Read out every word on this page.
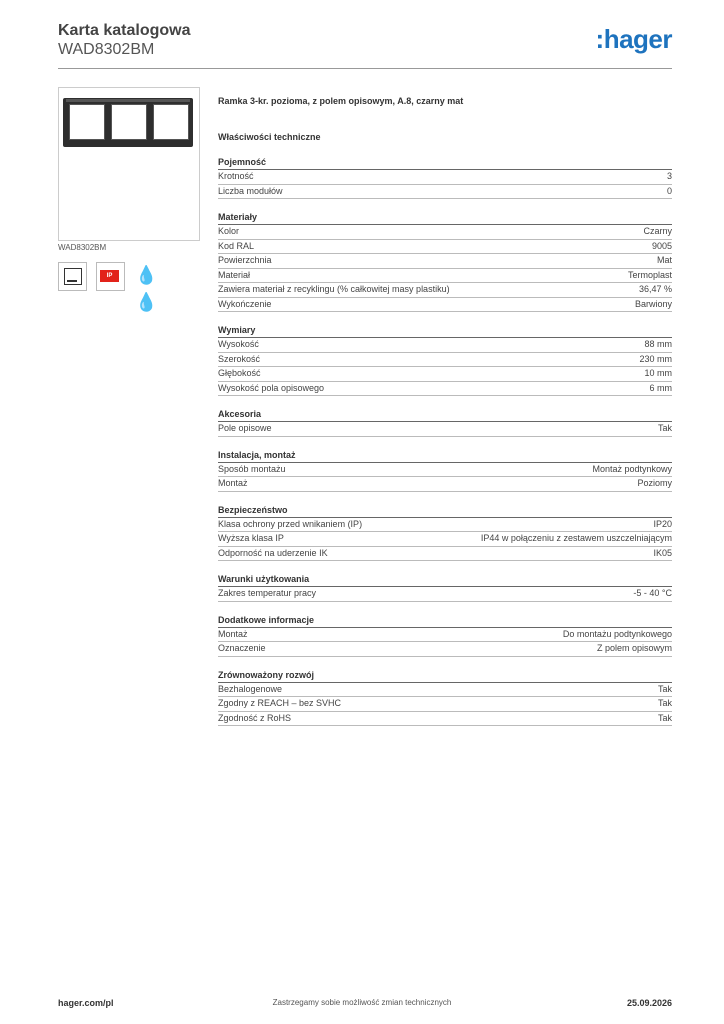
Karta katalogowa
WAD8302BM	:hager
WAD8302BM
IP	💧💧
Ramka 3-kr. pozioma, z polem opisowym, A.8, czarny mat
Właściwości techniczne
Pojemność
Krotność	3
Liczba modułów	0
Materiały
Kolor	Czarny
Kod RAL	9005
Powierzchnia	Mat
Materiał	Termoplast
Zawiera materiał z recyklingu (% całkowitej masy plastiku)	36,47 %
Wykończenie	Barwiony
Wymiary
Wysokość	88 mm
Szerokość	230 mm
Głębokość	10 mm
Wysokość pola opisowego	6 mm
Akcesoria
Pole opisowe	Tak
Instalacja, montaż
Sposób montażu	Montaż podtynkowy
Montaż	Poziomy
Bezpieczeństwo
Klasa ochrony przed wnikaniem (IP)	IP20
Wyższa klasa IP	IP44 w połączeniu z zestawem uszczelniającym
Odporność na uderzenie IK	IK05
Warunki użytkowania
Zakres temperatur pracy	-5 - 40 °C
Dodatkowe informacje
Montaż	Do montażu podtynkowego
Oznaczenie	Z polem opisowym
Zrównoważony rozwój
Bezhalogenowe	Tak
Zgodny z REACH – bez SVHC	Tak
Zgodność z RoHS	Tak
hager.com/pl	Zastrzegamy sobie możliwość zmian technicznych	25.09.2026
